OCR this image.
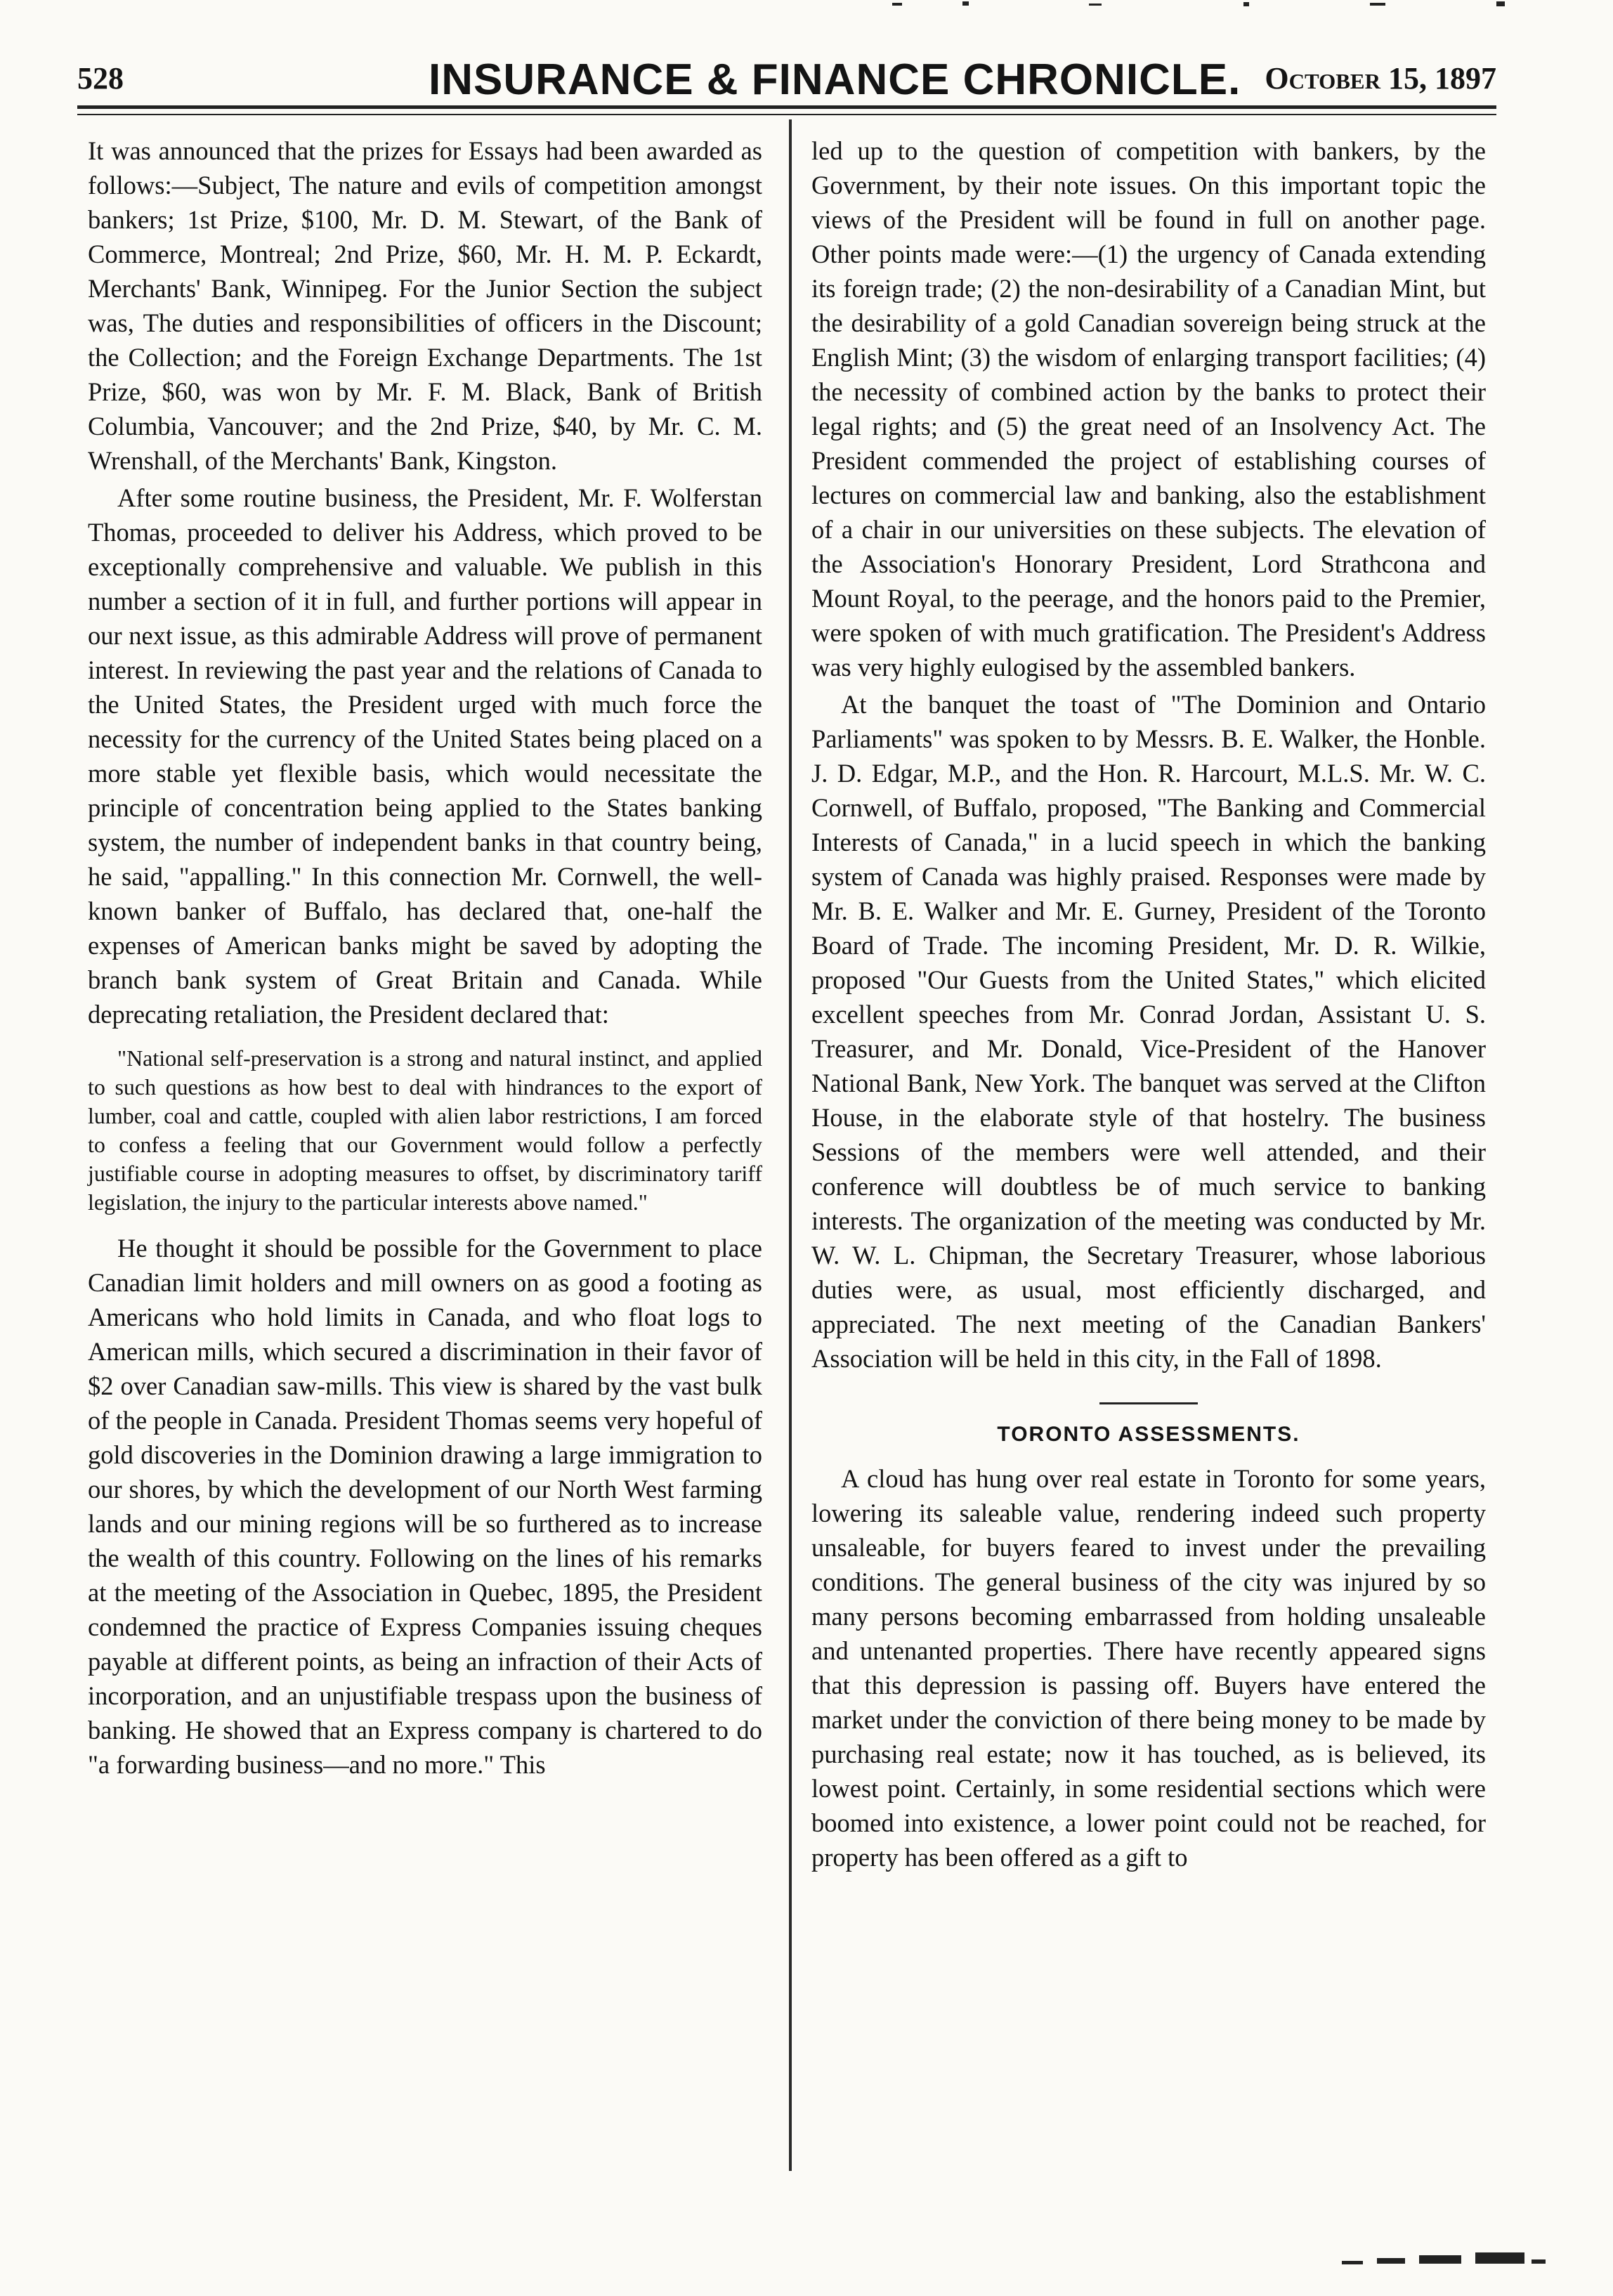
528	INSURANCE & FINANCE CHRONICLE. October 15, 1897

It was announced that the prizes for Essays had been awarded as follows:—Subject, The nature and evils of competition amongst bankers; 1st Prize, $100, Mr. D. M. Stewart, of the Bank of Commerce, Montreal; 2nd Prize, $60, Mr. H. M. P. Eckardt, Merchants' Bank, Winnipeg. For the Junior Section the subject was, The duties and responsibilities of officers in the Discount; the Collection; and the Foreign Exchange Departments. The 1st Prize, $60, was won by Mr. F. M. Black, Bank of British Columbia, Vancouver; and the 2nd Prize, $40, by Mr. C. M. Wrenshall, of the Merchants' Bank, Kingston.

After some routine business, the President, Mr. F. Wolferstan Thomas, proceeded to deliver his Address, which proved to be exceptionally comprehensive and valuable. We publish in this number a section of it in full, and further portions will appear in our next issue, as this admirable Address will prove of permanent interest. In reviewing the past year and the relations of Canada to the United States, the President urged with much force the necessity for the currency of the United States being placed on a more stable yet flexible basis, which would necessitate the principle of concentration being applied to the States banking system, the number of independent banks in that country being, he said, "appalling." In this connection Mr. Cornwell, the well-known banker of Buffalo, has declared that, one-half the expenses of American banks might be saved by adopting the branch bank system of Great Britain and Canada. While deprecating retaliation, the President declared that:

"National self-preservation is a strong and natural instinct, and applied to such questions as how best to deal with hindrances to the export of lumber, coal and cattle, coupled with alien labor restrictions, I am forced to confess a feeling that our Government would follow a perfectly justifiable course in adopting measures to offset, by discriminatory tariff legislation, the injury to the particular interests above named."

He thought it should be possible for the Government to place Canadian limit holders and mill owners on as good a footing as Americans who hold limits in Canada, and who float logs to American mills, which secured a discrimination in their favor of $2 over Canadian saw-mills. This view is shared by the vast bulk of the people in Canada. President Thomas seems very hopeful of gold discoveries in the Dominion drawing a large immigration to our shores, by which the development of our North West farming lands and our mining regions will be so furthered as to increase the wealth of this country. Following on the lines of his remarks at the meeting of the Association in Quebec, 1895, the President condemned the practice of Express Companies issuing cheques payable at different points, as being an infraction of their Acts of incorporation, and an unjustifiable trespass upon the business of banking. He showed that an Express company is chartered to do "a forwarding business—and no more." This

led up to the question of competition with bankers, by the Government, by their note issues. On this important topic the views of the President will be found in full on another page. Other points made were:—(1) the urgency of Canada extending its foreign trade; (2) the non-desirability of a Canadian Mint, but the desirability of a gold Canadian sovereign being struck at the English Mint; (3) the wisdom of enlarging transport facilities; (4) the necessity of combined action by the banks to protect their legal rights; and (5) the great need of an Insolvency Act. The President commended the project of establishing courses of lectures on commercial law and banking, also the establishment of a chair in our universities on these subjects. The elevation of the Association's Honorary President, Lord Strathcona and Mount Royal, to the peerage, and the honors paid to the Premier, were spoken of with much gratification. The President's Address was very highly eulogised by the assembled bankers.

At the banquet the toast of "The Dominion and Ontario Parliaments" was spoken to by Messrs. B. E. Walker, the Honble. J. D. Edgar, M.P., and the Hon. R. Harcourt, M.L.S. Mr. W. C. Cornwell, of Buffalo, proposed, "The Banking and Commercial Interests of Canada," in a lucid speech in which the banking system of Canada was highly praised. Responses were made by Mr. B. E. Walker and Mr. E. Gurney, President of the Toronto Board of Trade. The incoming President, Mr. D. R. Wilkie, proposed "Our Guests from the United States," which elicited excellent speeches from Mr. Conrad Jordan, Assistant U. S. Treasurer, and Mr. Donald, Vice-President of the Hanover National Bank, New York. The banquet was served at the Clifton House, in the elaborate style of that hostelry. The business Sessions of the members were well attended, and their conference will doubtless be of much service to banking interests. The organization of the meeting was conducted by Mr. W. W. L. Chipman, the Secretary Treasurer, whose laborious duties were, as usual, most efficiently discharged, and appreciated. The next meeting of the Canadian Bankers' Association will be held in this city, in the Fall of 1898.

TORONTO ASSESSMENTS.

A cloud has hung over real estate in Toronto for some years, lowering its saleable value, rendering indeed such property unsaleable, for buyers feared to invest under the prevailing conditions. The general business of the city was injured by so many persons becoming embarrassed from holding unsaleable and untenanted properties. There have recently appeared signs that this depression is passing off. Buyers have entered the market under the conviction of there being money to be made by purchasing real estate; now it has touched, as is believed, its lowest point. Certainly, in some residential sections which were boomed into existence, a lower point could not be reached, for property has been offered as a gift to
